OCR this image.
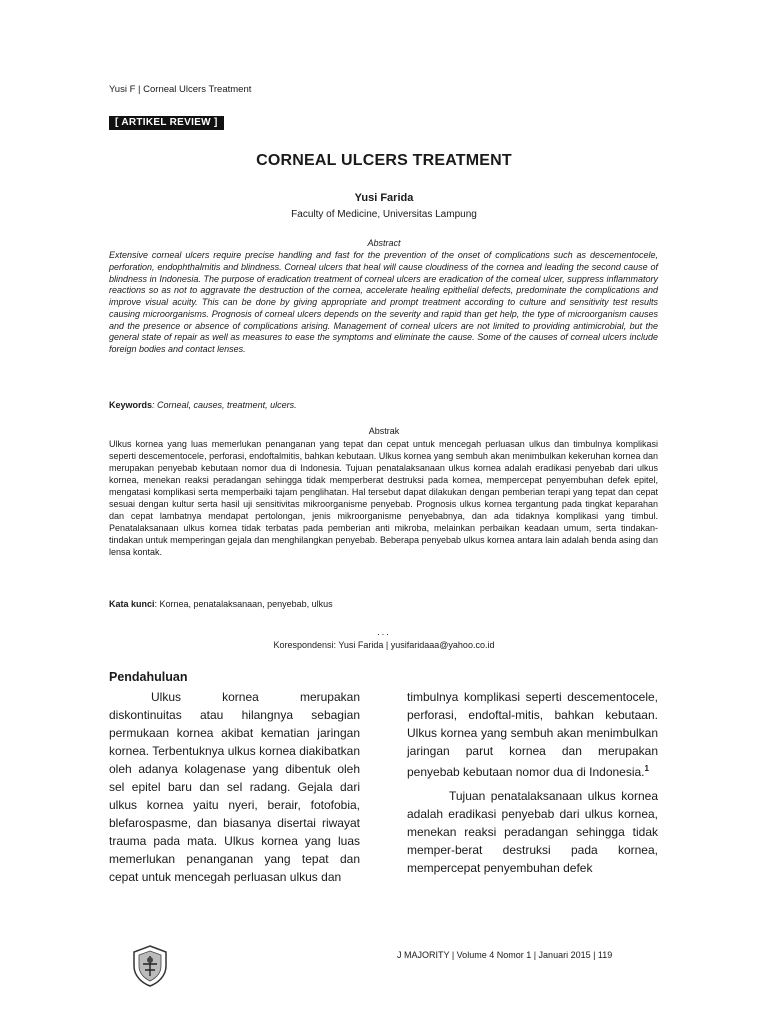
Yusi F | Corneal Ulcers Treatment
[ ARTIKEL REVIEW ]
CORNEAL ULCERS TREATMENT
Yusi Farida
Faculty of Medicine, Universitas Lampung
Abstract
Extensive corneal ulcers require precise handling and fast for the prevention of the onset of complications such as descementocele, perforation, endophthalmitis and blindness. Corneal ulcers that heal will cause cloudiness of the cornea and leading the second cause of blindness in Indonesia. The purpose of eradication treatment of corneal ulcers are eradication of the corneal ulcer, suppress inflammatory reactions so as not to aggravate the destruction of the cornea, accelerate healing epithelial defects, predominate the complications and improve visual acuity. This can be done by giving appropriate and prompt treatment according to culture and sensitivity test results causing microorganisms. Prognosis of corneal ulcers depends on the severity and rapid than get help, the type of microorganism causes and the presence or absence of complications arising. Management of corneal ulcers are not limited to providing antimicrobial, but the general state of repair as well as measures to ease the symptoms and eliminate the cause. Some of the causes of corneal ulcers include foreign bodies and contact lenses.
Keywords: Corneal, causes, treatment, ulcers.
Abstrak
Ulkus kornea yang luas memerlukan penanganan yang tepat dan cepat untuk mencegah perluasan ulkus dan timbulnya komplikasi seperti descementocele, perforasi, endoftalmitis, bahkan kebutaan. Ulkus kornea yang sembuh akan menimbulkan kekeruhan kornea dan merupakan penyebab kebutaan nomor dua di Indonesia. Tujuan penatalaksanaan ulkus kornea adalah eradikasi penyebab dari ulkus kornea, menekan reaksi peradangan sehingga tidak memperberat destruksi pada kornea, mempercepat penyembuhan defek epitel, mengatasi komplikasi serta memperbaiki tajam penglihatan. Hal tersebut dapat dilakukan dengan pemberian terapi yang tepat dan cepat sesuai dengan kultur serta hasil uji sensitivitas mikroorganisme penyebab. Prognosis ulkus kornea tergantung pada tingkat keparahan dan cepat lambatnya mendapat pertolongan, jenis mikroorganisme penyebabnya, dan ada tidaknya komplikasi yang timbul. Penatalaksanaan ulkus kornea tidak terbatas pada pemberian anti mikroba, melainkan perbaikan keadaan umum, serta tindakan-tindakan untuk memperingan gejala dan menghilangkan penyebab. Beberapa penyebab ulkus kornea antara lain adalah benda asing dan lensa kontak.
Kata kunci: Kornea, penatalaksanaan, penyebab, ulkus
...
Korespondensi: Yusi Farida | yusifaridaaa@yahoo.co.id
Pendahuluan

Ulkus kornea merupakan diskontinuitas atau hilangnya sebagian permukaan kornea akibat kematian jaringan kornea. Terbentuknya ulkus kornea diakibatkan oleh adanya kolagenase yang dibentuk oleh sel epitel baru dan sel radang. Gejala dari ulkus kornea yaitu nyeri, berair, fotofobia, blefarospasme, dan biasanya disertai riwayat trauma pada mata. Ulkus kornea yang luas memerlukan penanganan yang tepat dan cepat untuk mencegah perluasan ulkus dan

timbulnya komplikasi seperti descementocele, perforasi, endoftal-mitis, bahkan kebutaan. Ulkus kornea yang sembuh akan menimbulkan jaringan parut kornea dan merupakan penyebab kebutaan nomor dua di Indonesia.$^1$

Tujuan penatalaksanaan ulkus kornea adalah eradikasi penyebab dari ulkus kornea, menekan reaksi peradangan sehingga tidak memper-berat destruksi pada kornea, mempercepat penyembuhan defek

J MAJORITY | Volume 4 Nomor 1 | Januari 2015 | 119
